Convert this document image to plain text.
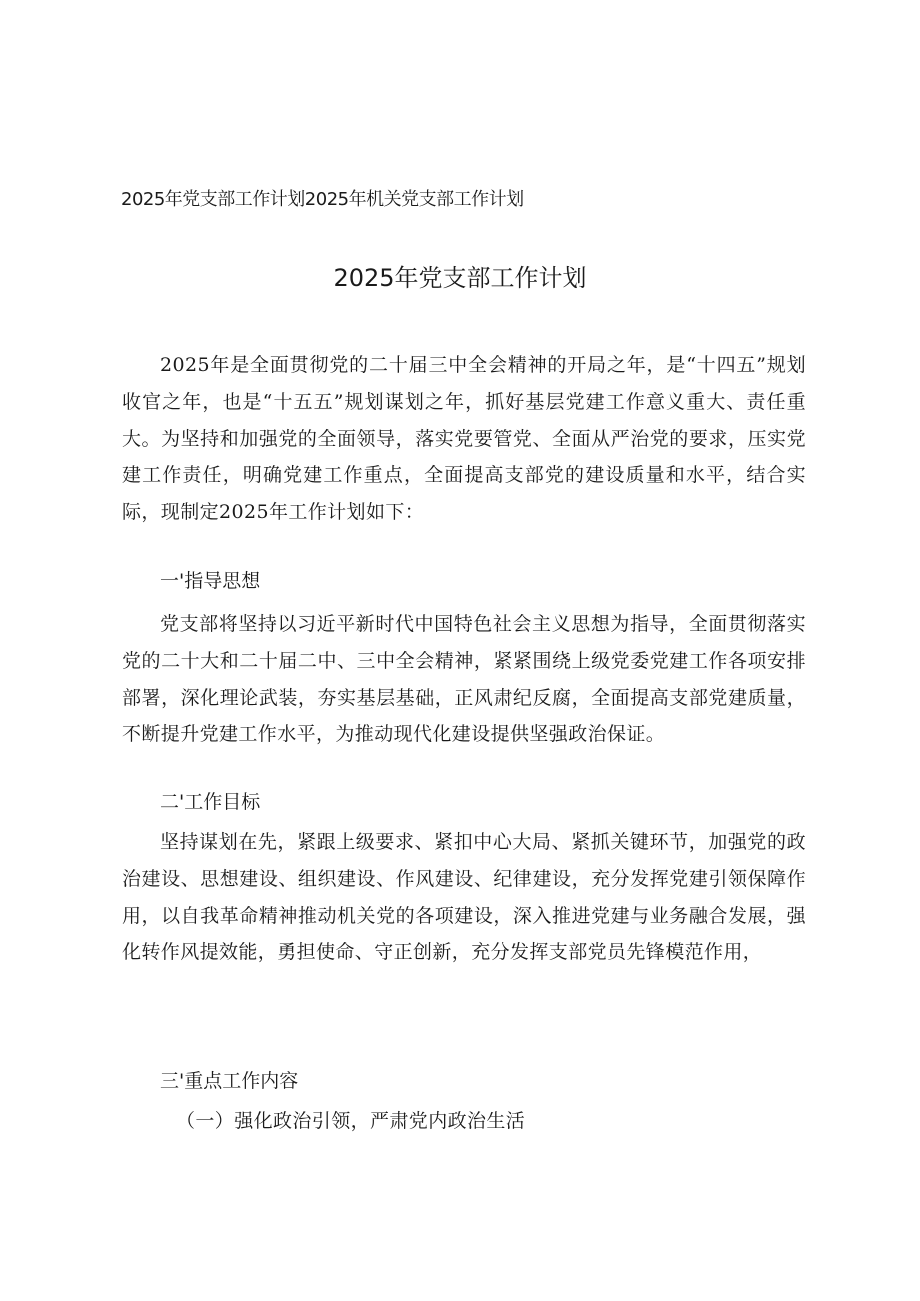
2025年党支部工作计划2025年机关党支部工作计划
2025年党支部工作计划

2025年是全面贯彻党的二十届三中全会精神的开局之年，是“十四五”规划收官之年，也是“十五五”规划谋划之年，抓好基层党建工作意义重大、责任重大。为坚持和加强党的全面领导，落实党要管党、全面从严治党的要求，压实党建工作责任，明确党建工作重点，全面提高支部党的建设质量和水平，结合实际，现制定2025年工作计划如下：

一'指导思想

党支部将坚持以习近平新时代中国特色社会主义思想为指导，全面贯彻落实党的二十大和二十届二中、三中全会精神，紧紧围绕上级党委党建工作各项安排部署，深化理论武装，夯实基层基础，正风肃纪反腐，全面提高支部党建质量，不断提升党建工作水平，为推动现代化建设提供坚强政治保证。

二'工作目标

坚持谋划在先，紧跟上级要求、紧扣中心大局、紧抓关键环节，加强党的政治建设、思想建设、组织建设、作风建设、纪律建设，充分发挥党建引领保障作用，以自我革命精神推动机关党的各项建设，深入推进党建与业务融合发展，强化转作风提效能，勇担使命、守正创新，充分发挥支部党员先锋模范作用，

三'重点工作内容
（一）强化政治引领，严肃党内政治生活
